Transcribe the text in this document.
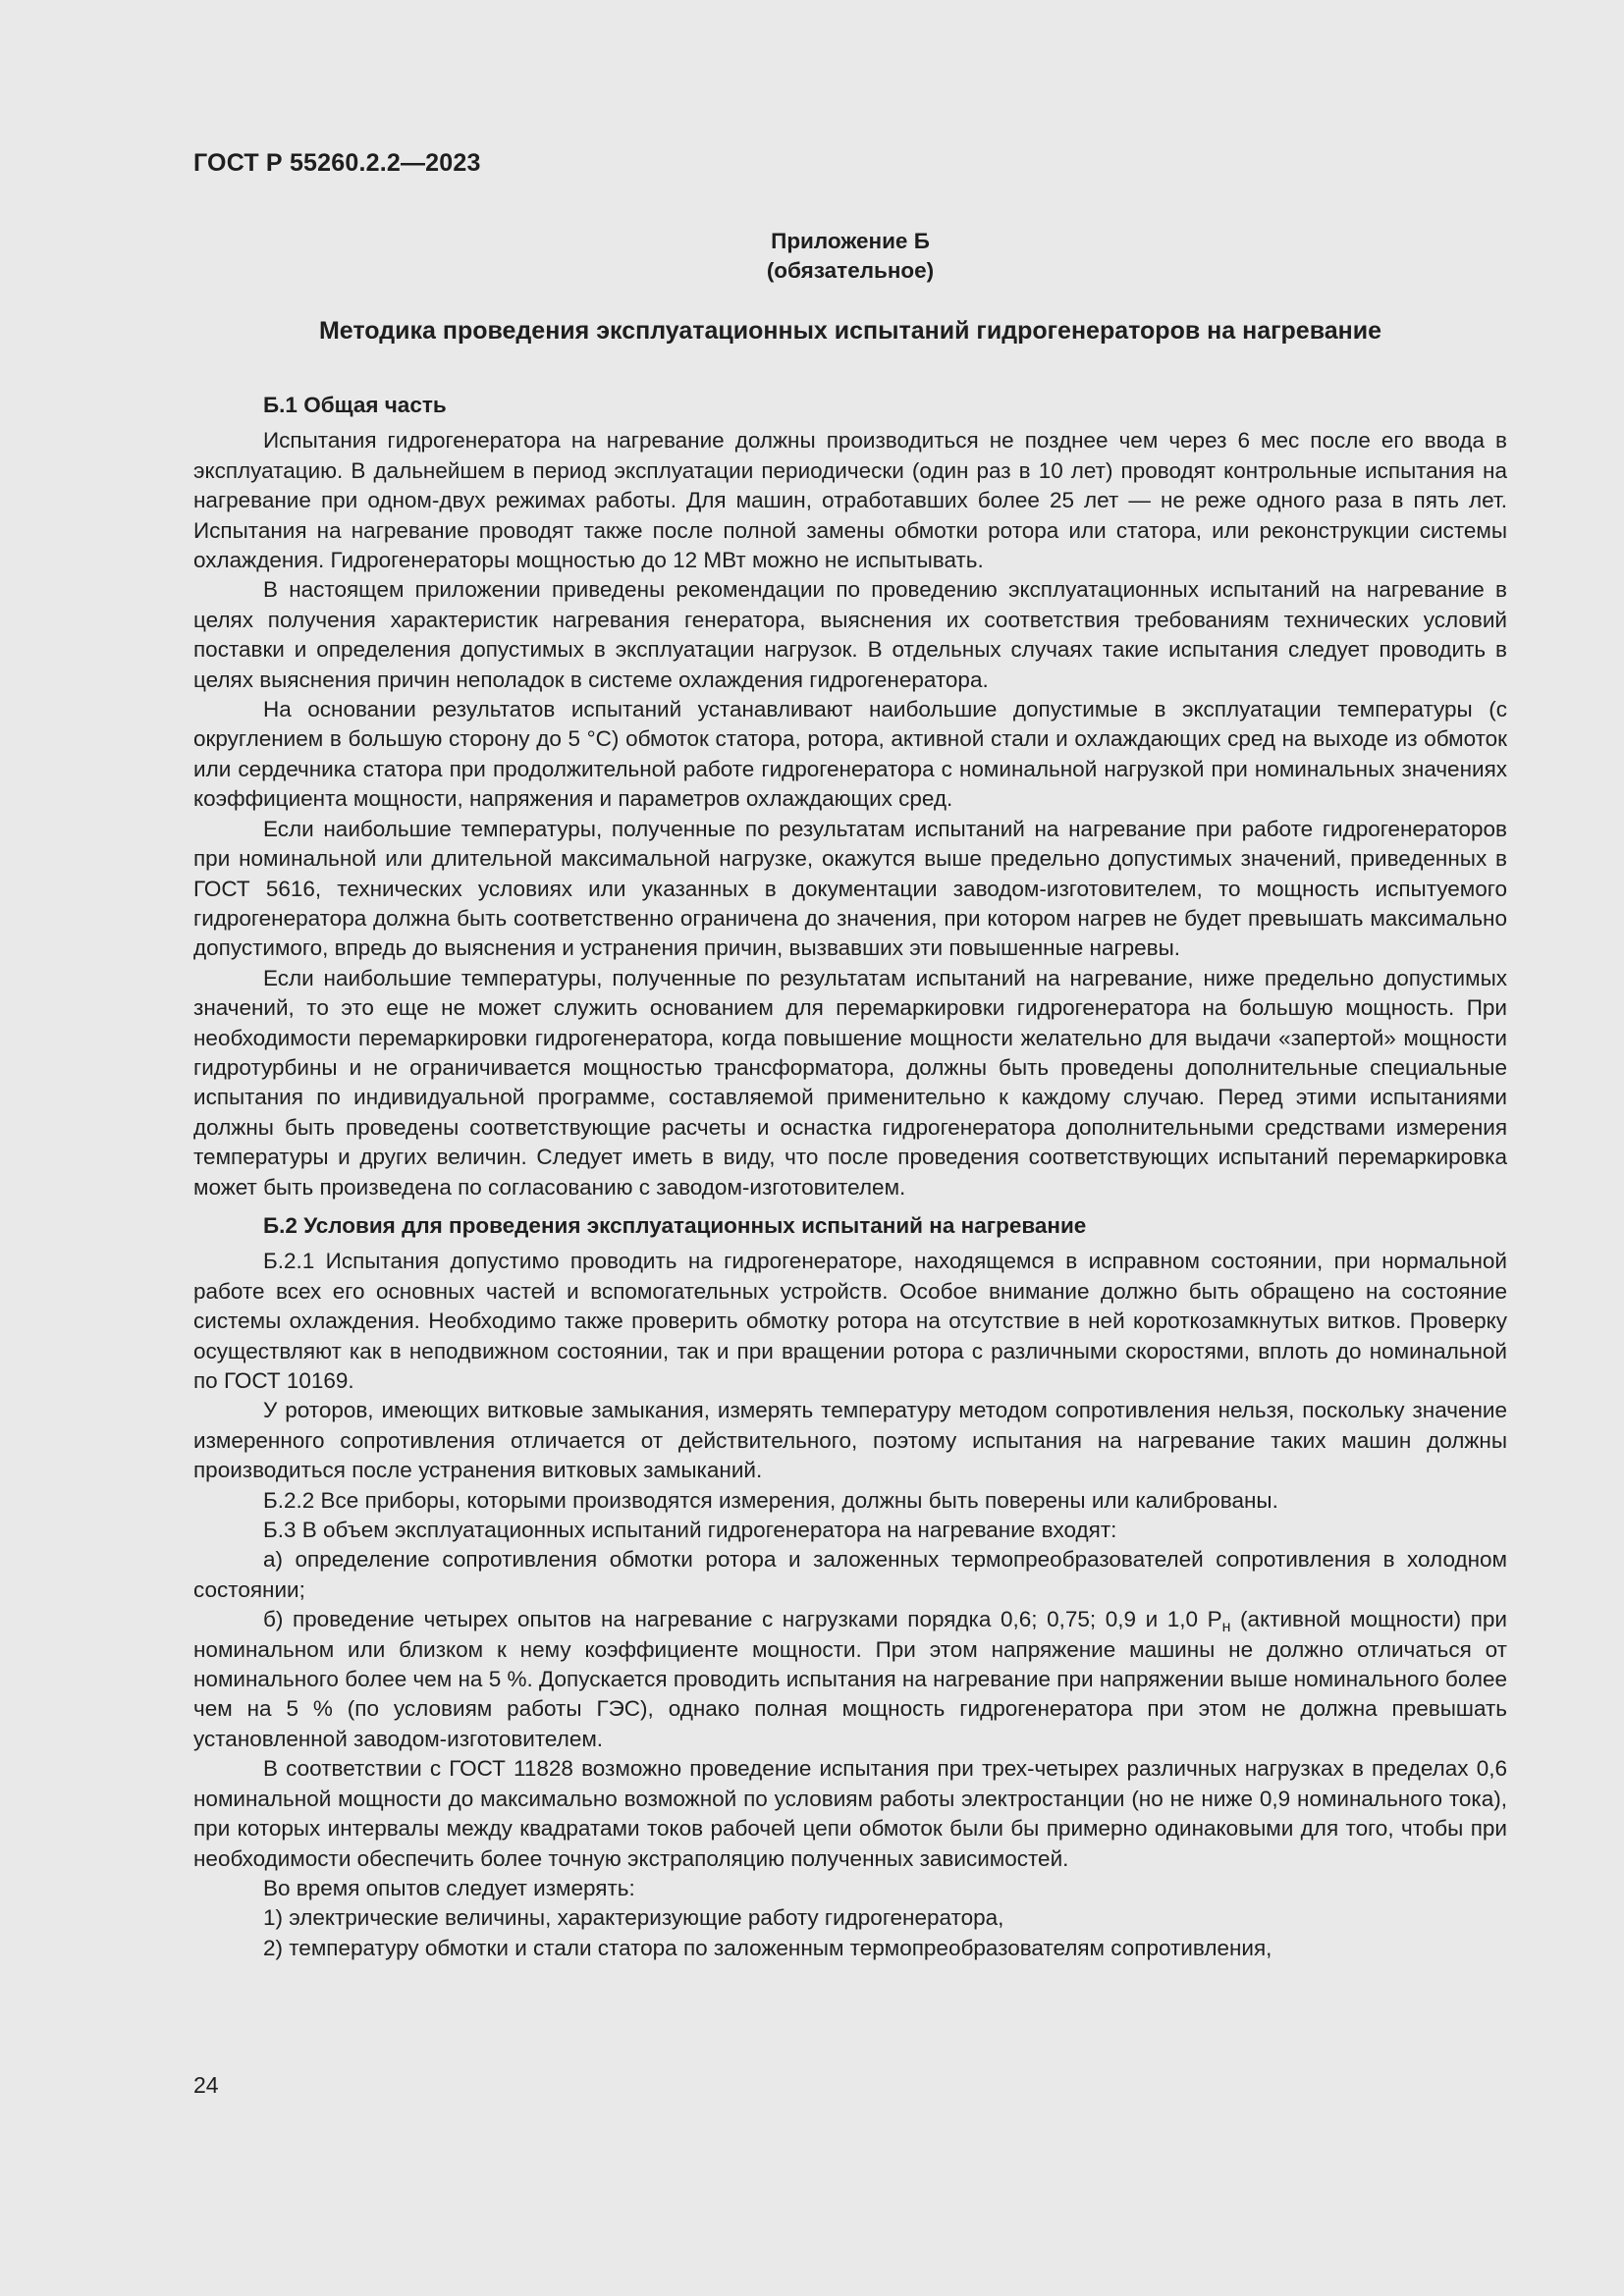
ГОСТ Р 55260.2.2—2023
Приложение Б
(обязательное)
Методика проведения эксплуатационных испытаний гидрогенераторов на нагревание
Б.1 Общая часть

Испытания гидрогенератора на нагревание должны производиться не позднее чем через 6 мес после его ввода в эксплуатацию. В дальнейшем в период эксплуатации периодически (один раз в 10 лет) проводят контрольные испытания на нагревание при одном-двух режимах работы. Для машин, отработавших более 25 лет — не реже одного раза в пять лет. Испытания на нагревание проводят также после полной замены обмотки ротора или статора, или реконструкции системы охлаждения. Гидрогенераторы мощностью до 12 МВт можно не испытывать.

В настоящем приложении приведены рекомендации по проведению эксплуатационных испытаний на нагревание в целях получения характеристик нагревания генератора, выяснения их соответствия требованиям технических условий поставки и определения допустимых в эксплуатации нагрузок. В отдельных случаях такие испытания следует проводить в целях выяснения причин неполадок в системе охлаждения гидрогенератора.

На основании результатов испытаний устанавливают наибольшие допустимые в эксплуатации температуры (с округлением в большую сторону до 5 °С) обмоток статора, ротора, активной стали и охлаждающих сред на выходе из обмоток или сердечника статора при продолжительной работе гидрогенератора с номинальной нагрузкой при номинальных значениях коэффициента мощности, напряжения и параметров охлаждающих сред.

Если наибольшие температуры, полученные по результатам испытаний на нагревание при работе гидрогенераторов при номинальной или длительной максимальной нагрузке, окажутся выше предельно допустимых значений, приведенных в ГОСТ 5616, технических условиях или указанных в документации заводом-изготовителем, то мощность испытуемого гидрогенератора должна быть соответственно ограничена до значения, при котором нагрев не будет превышать максимально допустимого, впредь до выяснения и устранения причин, вызвавших эти повышенные нагревы.

Если наибольшие температуры, полученные по результатам испытаний на нагревание, ниже предельно допустимых значений, то это еще не может служить основанием для перемаркировки гидрогенератора на большую мощность. При необходимости перемаркировки гидрогенератора, когда повышение мощности желательно для выдачи «запертой» мощности гидротурбины и не ограничивается мощностью трансформатора, должны быть проведены дополнительные специальные испытания по индивидуальной программе, составляемой применительно к каждому случаю. Перед этими испытаниями должны быть проведены соответствующие расчеты и оснастка гидрогенератора дополнительными средствами измерения температуры и других величин. Следует иметь в виду, что после проведения соответствующих испытаний перемаркировка может быть произведена по согласованию с заводом-изготовителем.

Б.2 Условия для проведения эксплуатационных испытаний на нагревание

Б.2.1 Испытания допустимо проводить на гидрогенераторе, находящемся в исправном состоянии, при нормальной работе всех его основных частей и вспомогательных устройств. Особое внимание должно быть обращено на состояние системы охлаждения. Необходимо также проверить обмотку ротора на отсутствие в ней короткозамкнутых витков. Проверку осуществляют как в неподвижном состоянии, так и при вращении ротора с различными скоростями, вплоть до номинальной по ГОСТ 10169.

У роторов, имеющих витковые замыкания, измерять температуру методом сопротивления нельзя, поскольку значение измеренного сопротивления отличается от действительного, поэтому испытания на нагревание таких машин должны производиться после устранения витковых замыканий.

Б.2.2 Все приборы, которыми производятся измерения, должны быть поверены или калиброваны.

Б.3 В объем эксплуатационных испытаний гидрогенератора на нагревание входят:

а) определение сопротивления обмотки ротора и заложенных термопреобразователей сопротивления в холодном состоянии;

б) проведение четырех опытов на нагревание с нагрузками порядка 0,6; 0,75; 0,9 и 1,0 $P_н$ (активной мощности) при номинальном или близком к нему коэффициенте мощности. При этом напряжение машины не должно отличаться от номинального более чем на 5 %. Допускается проводить испытания на нагревание при напряжении выше номинального более чем на 5 % (по условиям работы ГЭС), однако полная мощность гидрогенератора при этом не должна превышать установленной заводом-изготовителем.

В соответствии с ГОСТ 11828 возможно проведение испытания при трех-четырех различных нагрузках в пределах 0,6 номинальной мощности до максимально возможной по условиям работы электростанции (но не ниже 0,9 номинального тока), при которых интервалы между квадратами токов рабочей цепи обмоток были бы примерно одинаковыми для того, чтобы при необходимости обеспечить более точную экстраполяцию полученных зависимостей.

Во время опытов следует измерять:

1) электрические величины, характеризующие работу гидрогенератора,

2) температуру обмотки и стали статора по заложенным термопреобразователям сопротивления,

24
